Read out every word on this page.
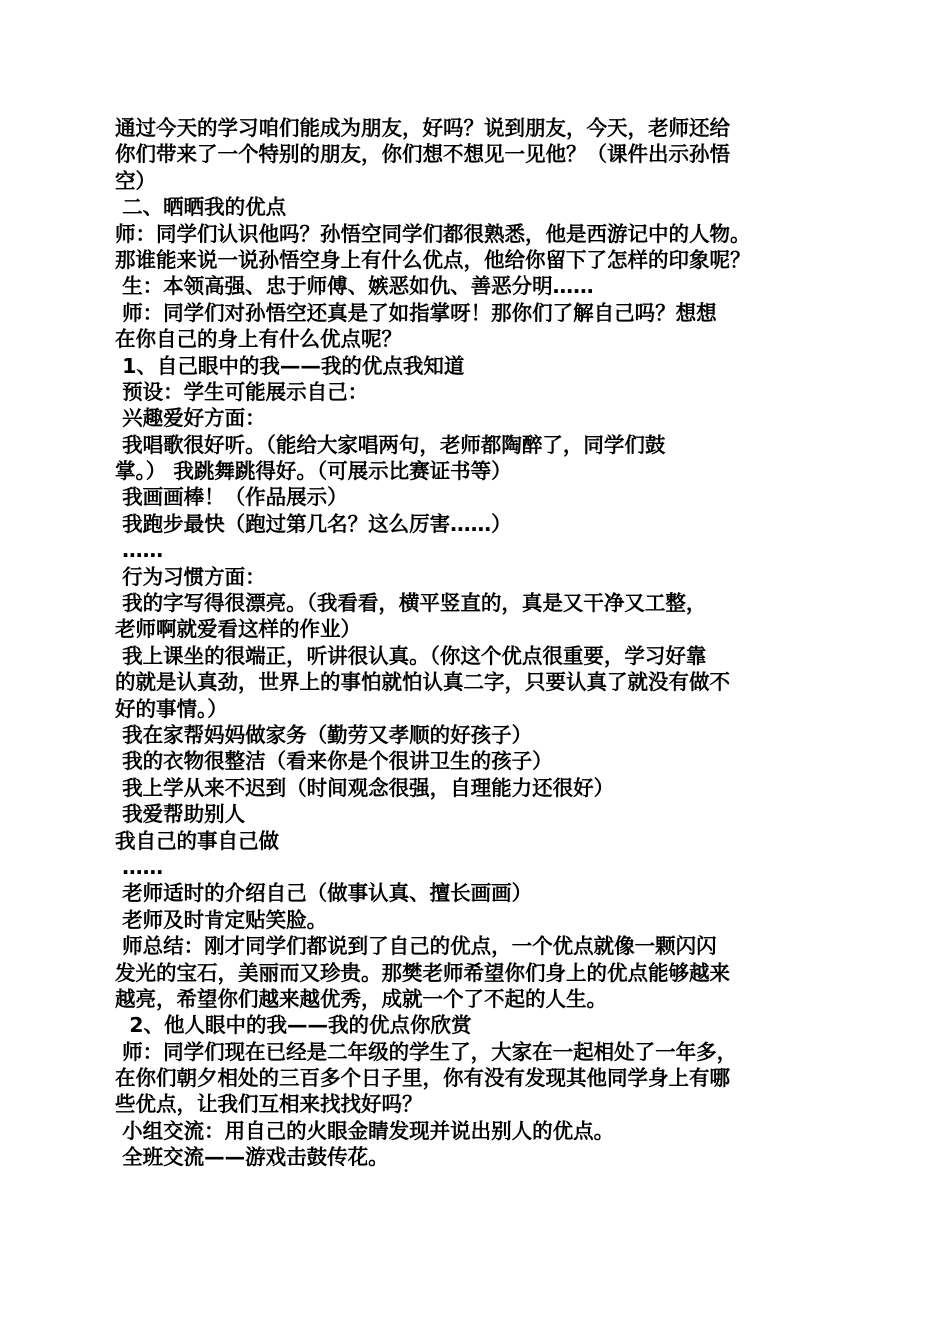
通过今天的学习咱们能成为朋友，好吗？说到朋友，今天，老师还给
你们带来了一个特别的朋友，你们想不想见一见他？（课件出示孙悟
空）
二、晒晒我的优点
师：同学们认识他吗？孙悟空同学们都很熟悉，他是西游记中的人物。
那谁能来说一说孙悟空身上有什么优点，他给你留下了怎样的印象呢？
生：本领高强、忠于师傅、嫉恶如仇、善恶分明……
师：同学们对孙悟空还真是了如指掌呀！那你们了解自己吗？想想
在你自己的身上有什么优点呢？
1、自己眼中的我——我的优点我知道
预设：学生可能展示自己：
兴趣爱好方面：
我唱歌很好听。（能给大家唱两句，老师都陶醉了，同学们鼓
掌。） 我跳舞跳得好。（可展示比赛证书等）
我画画棒！（作品展示）
我跑步最快（跑过第几名？这么厉害……）
……
行为习惯方面：
我的字写得很漂亮。（我看看，横平竖直的，真是又干净又工整，
老师啊就爱看这样的作业）
我上课坐的很端正，听讲很认真。（你这个优点很重要，学习好靠
的就是认真劲，世界上的事怕就怕认真二字，只要认真了就没有做不
好的事情。）
我在家帮妈妈做家务（勤劳又孝顺的好孩子）
我的衣物很整洁（看来你是个很讲卫生的孩子）
我上学从来不迟到（时间观念很强，自理能力还很好）
我爱帮助别人
我自己的事自己做
……
老师适时的介绍自己（做事认真、擅长画画）
老师及时肯定贴笑脸。
师总结：刚才同学们都说到了自己的优点，一个优点就像一颗闪闪
发光的宝石，美丽而又珍贵。那樊老师希望你们身上的优点能够越来
越亮，希望你们越来越优秀，成就一个了不起的人生。
2、他人眼中的我——我的优点你欣赏
师：同学们现在已经是二年级的学生了，大家在一起相处了一年多，
在你们朝夕相处的三百多个日子里，你有没有发现其他同学身上有哪
些优点，让我们互相来找找好吗？
小组交流：用自己的火眼金睛发现并说出别人的优点。
全班交流——游戏击鼓传花。
